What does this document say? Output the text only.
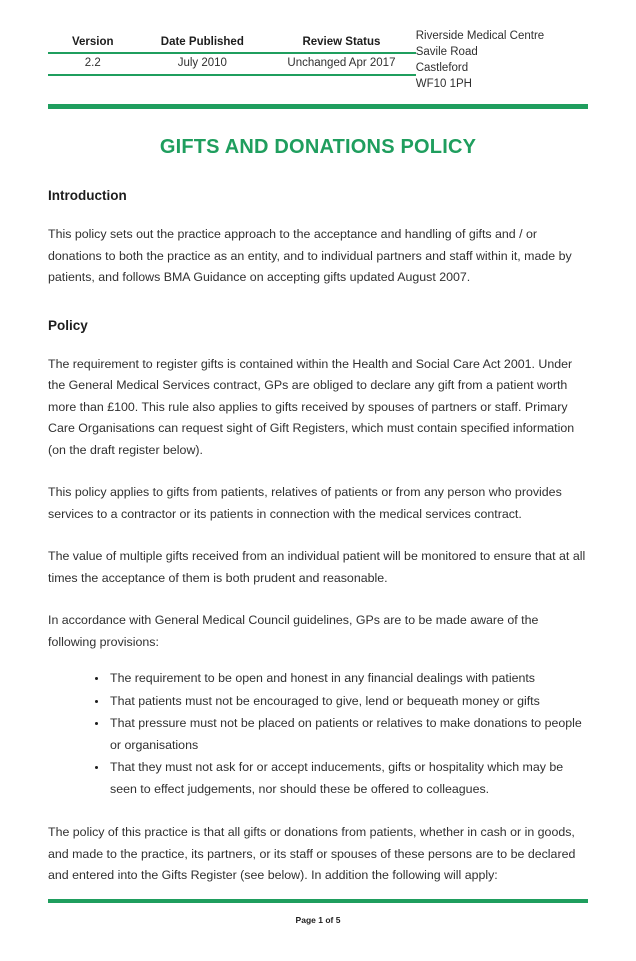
Version	Date Published	Review Status
2.2	July 2010	Unchanged Apr 2017
Riverside Medical Centre
Savile Road
Castleford
WF10 1PH
GIFTS AND DONATIONS POLICY
Introduction

This policy sets out the practice approach to the acceptance and handling of gifts and / or donations to both the practice as an entity, and to individual partners and staff within it, made by patients, and follows BMA Guidance on accepting gifts updated August 2007.

Policy

The requirement to register gifts is contained within the Health and Social Care Act 2001. Under the General Medical Services contract, GPs are obliged to declare any gift from a patient worth more than £100. This rule also applies to gifts received by spouses of partners or staff. Primary Care Organisations can request sight of Gift Registers, which must contain specified information (on the draft register below).

This policy applies to gifts from patients, relatives of patients or from any person who provides services to a contractor or its patients in connection with the medical services contract.

The value of multiple gifts received from an individual patient will be monitored to ensure that at all times the acceptance of them is both prudent and reasonable.

In accordance with General Medical Council guidelines, GPs are to be made aware of the following provisions:

• The requirement to be open and honest in any financial dealings with patients
• That patients must not be encouraged to give, lend or bequeath money or gifts
• That pressure must not be placed on patients or relatives to make donations to people or organisations
• That they must not ask for or accept inducements, gifts or hospitality which may be seen to effect judgements, nor should these be offered to colleagues.

The policy of this practice is that all gifts or donations from patients, whether in cash or in goods, and made to the practice, its partners, or its staff or spouses of these persons are to be declared and entered into the Gifts Register (see below). In addition the following will apply:

Page 1 of 5
